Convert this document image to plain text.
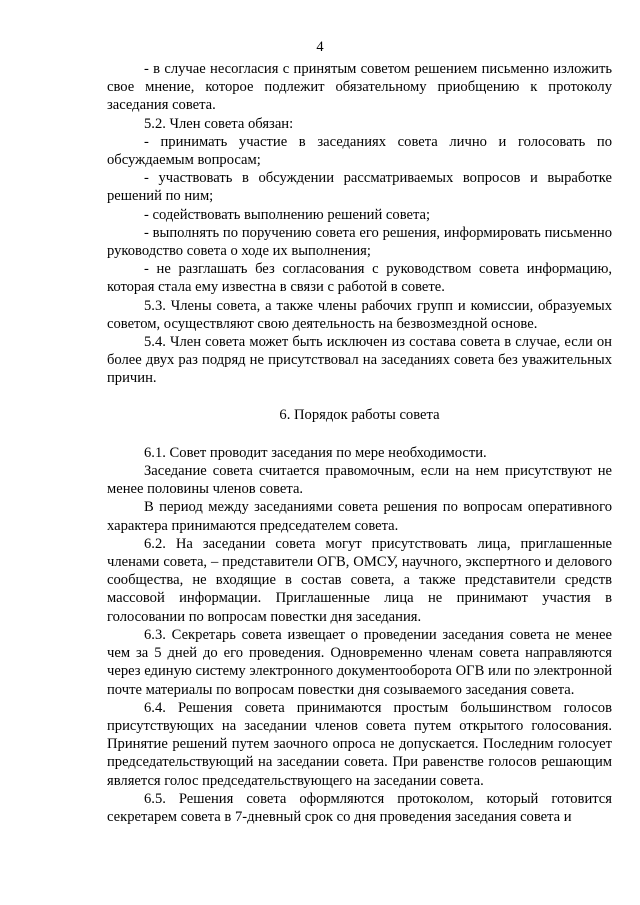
4

- в случае несогласия с принятым советом решением письменно изложить свое мнение, которое подлежит обязательному приобщению к протоколу заседания совета.

5.2. Член совета обязан:

- принимать участие в заседаниях совета лично и голосовать по обсуждаемым вопросам;

- участвовать в обсуждении рассматриваемых вопросов и выработке решений по ним;

- содействовать выполнению решений совета;

- выполнять по поручению совета его решения, информировать письменно руководство совета о ходе их выполнения;

- не разглашать без согласования с руководством совета информацию, которая стала ему известна в связи с работой в совете.

5.3. Члены совета, а также члены рабочих групп и комиссии, образуемых советом, осуществляют свою деятельность на безвозмездной основе.

5.4. Член совета может быть исключен из состава совета в случае, если он более двух раз подряд не присутствовал на заседаниях совета без уважительных причин.

6. Порядок работы совета

6.1. Совет проводит заседания по мере необходимости.

Заседание совета считается правомочным, если на нем присутствуют не менее половины членов совета.

В период между заседаниями совета решения по вопросам оперативного характера принимаются председателем совета.

6.2. На заседании совета могут присутствовать лица, приглашенные членами совета, – представители ОГВ, ОМСУ, научного, экспертного и делового сообщества, не входящие в состав совета, а также представители средств массовой информации. Приглашенные лица не принимают участия в голосовании по вопросам повестки дня заседания.

6.3. Секретарь совета извещает о проведении заседания совета не менее чем за 5 дней до его проведения. Одновременно членам совета направляются через единую систему электронного документооборота ОГВ или по электронной почте материалы по вопросам повестки дня созываемого заседания совета.

6.4. Решения совета принимаются простым большинством голосов присутствующих на заседании членов совета путем открытого голосования. Принятие решений путем заочного опроса не допускается. Последним голосует председательствующий на заседании совета. При равенстве голосов решающим является голос председательствующего на заседании совета.

6.5. Решения совета оформляются протоколом, который готовится секретарем совета в 7-дневный срок со дня проведения заседания совета и
